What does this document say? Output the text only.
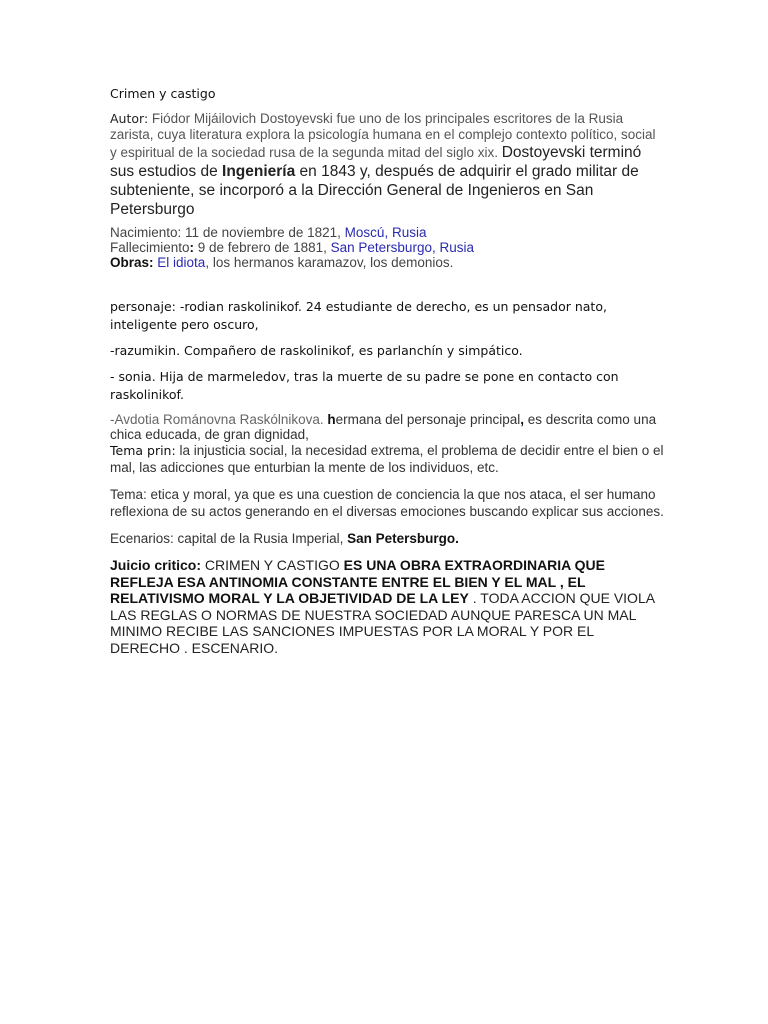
Crimen y castigo

Autor: Fiódor Mijáilovich Dostoyevski fue uno de los principales escritores de la Rusia zarista, cuya literatura explora la psicología humana en el complejo contexto político, social y espiritual de la sociedad rusa de la segunda mitad del siglo xix. Dostoyevski terminó sus estudios de Ingeniería en 1843 y, después de adquirir el grado militar de subteniente, se incorporó a la Dirección General de Ingenieros en San Petersburgo

Nacimiento: 11 de noviembre de 1821, Moscú, Rusia
Fallecimiento: 9 de febrero de 1881, San Petersburgo, Rusia
Obras: El idiota, los hermanos karamazov, los demonios.

personaje: -rodian raskolinikof. 24 estudiante de derecho, es un pensador nato, inteligente pero oscuro,

-razumikin. Compañero de raskolinikof, es parlanchín y simpático.

- sonia. Hija de marmeledov, tras la muerte de su padre se pone en contacto con raskolinikof.

-Avdotia Románovna Raskólnikova. hermana del personaje principal, es descrita como una chica educada, de gran dignidad,

Tema prin: la injusticia social, la necesidad extrema, el problema de decidir entre el bien o el mal, las adicciones que enturbian la mente de los individuos, etc.

Tema: etica y moral, ya que es una cuestion de conciencia la que nos ataca, el ser humano reflexiona de su actos generando en el diversas emociones buscando explicar sus acciones.

Ecenarios: capital de la Rusia Imperial, San Petersburgo.

Juicio critico: CRIMEN Y CASTIGO ES UNA OBRA EXTRAORDINARIA QUE REFLEJA ESA ANTINOMIA CONSTANTE ENTRE EL BIEN Y EL MAL , EL RELATIVISMO MORAL Y LA OBJETIVIDAD DE LA LEY . TODA ACCION QUE VIOLA LAS REGLAS O NORMAS DE NUESTRA SOCIEDAD AUNQUE PARESCA UN MAL MINIMO RECIBE LAS SANCIONES IMPUESTAS POR LA MORAL Y POR EL DERECHO . ESCENARIO.
